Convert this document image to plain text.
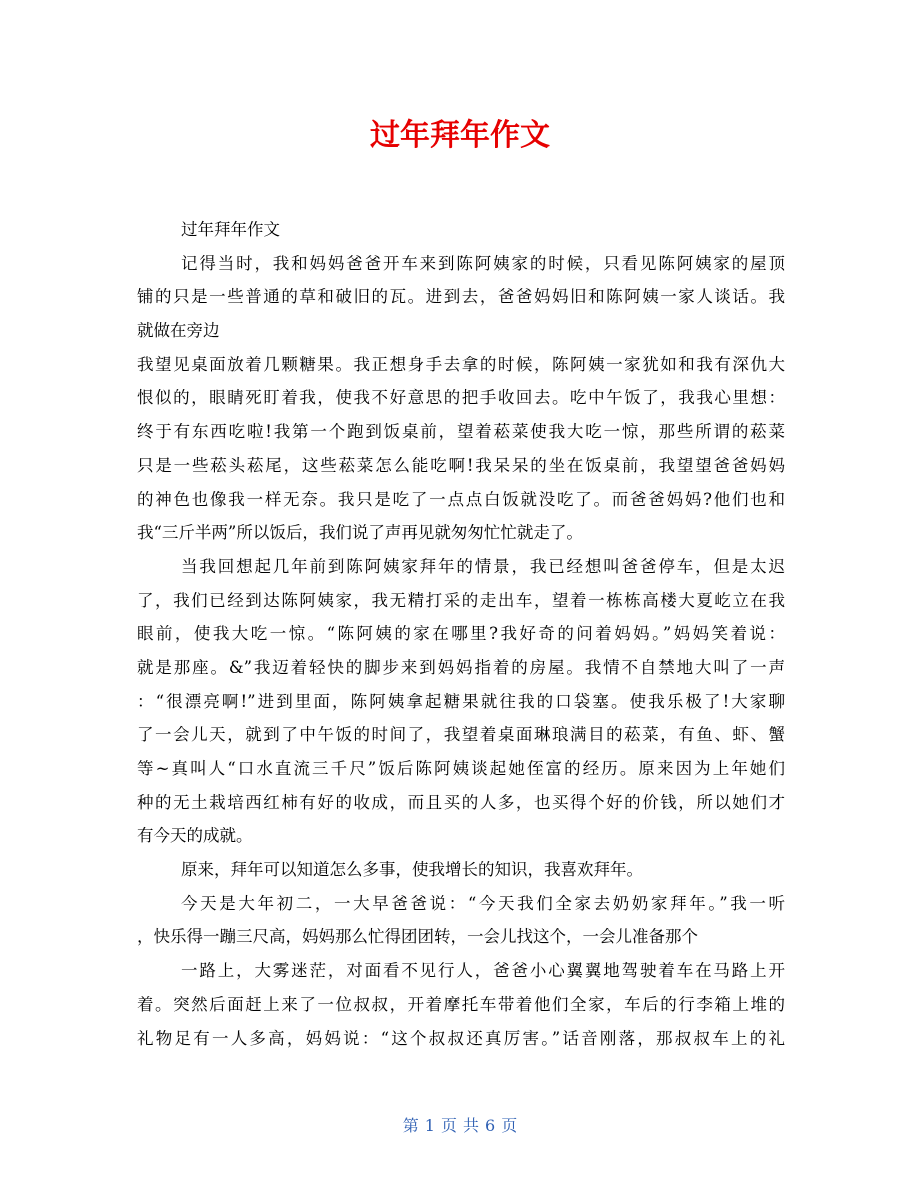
过年拜年作文
过年拜年作文
记得当时，我和妈妈爸爸开车来到陈阿姨家的时候，只看见陈阿姨家的屋顶
铺的只是一些普通的草和破旧的瓦。进到去，爸爸妈妈旧和陈阿姨一家人谈话。我
就做在旁边
我望见桌面放着几颗糖果。我正想身手去拿的时候，陈阿姨一家犹如和我有深仇大
恨似的，眼睛死盯着我，使我不好意思的把手收回去。吃中午饭了，我我心里想：
终于有东西吃啦!我第一个跑到饭桌前，望着菘菜使我大吃一惊，那些所谓的菘菜
只是一些菘头菘尾，这些菘菜怎么能吃啊!我呆呆的坐在饭桌前，我望望爸爸妈妈
的神色也像我一样无奈。我只是吃了一点点白饭就没吃了。而爸爸妈妈?他们也和
我“三斤半两”所以饭后，我们说了声再见就匆匆忙忙就走了。
当我回想起几年前到陈阿姨家拜年的情景，我已经想叫爸爸停车，但是太迟
了，我们已经到达陈阿姨家，我无精打采的走出车，望着一栋栋高楼大夏屹立在我
眼前，使我大吃一惊。“陈阿姨的家在哪里?我好奇的问着妈妈。”妈妈笑着说：
就是那座。&”我迈着轻快的脚步来到妈妈指着的房屋。我情不自禁地大叫了一声
：“很漂亮啊!”进到里面，陈阿姨拿起糖果就往我的口袋塞。使我乐极了!大家聊
了一会儿天，就到了中午饭的时间了，我望着桌面琳琅满目的菘菜，有鱼、虾、蟹
等~真叫人“口水直流三千尺”饭后陈阿姨谈起她侄富的经历。原来因为上年她们
种的无土栽培西红柿有好的收成，而且买的人多，也买得个好的价钱，所以她们才
有今天的成就。
原来，拜年可以知道怎么多事，使我增长的知识，我喜欢拜年。
今天是大年初二，一大早爸爸说：“今天我们全家去奶奶家拜年。”我一听
，快乐得一蹦三尺高，妈妈那么忙得团团转，一会儿找这个，一会儿准备那个
一路上，大雾迷茫，对面看不见行人，爸爸小心翼翼地驾驶着车在马路上开
着。突然后面赶上来了一位叔叔，开着摩托车带着他们全家，车后的行李箱上堆的
礼物足有一人多高，妈妈说：“这个叔叔还真厉害。”话音刚落，那叔叔车上的礼
第 1 页 共 6 页
